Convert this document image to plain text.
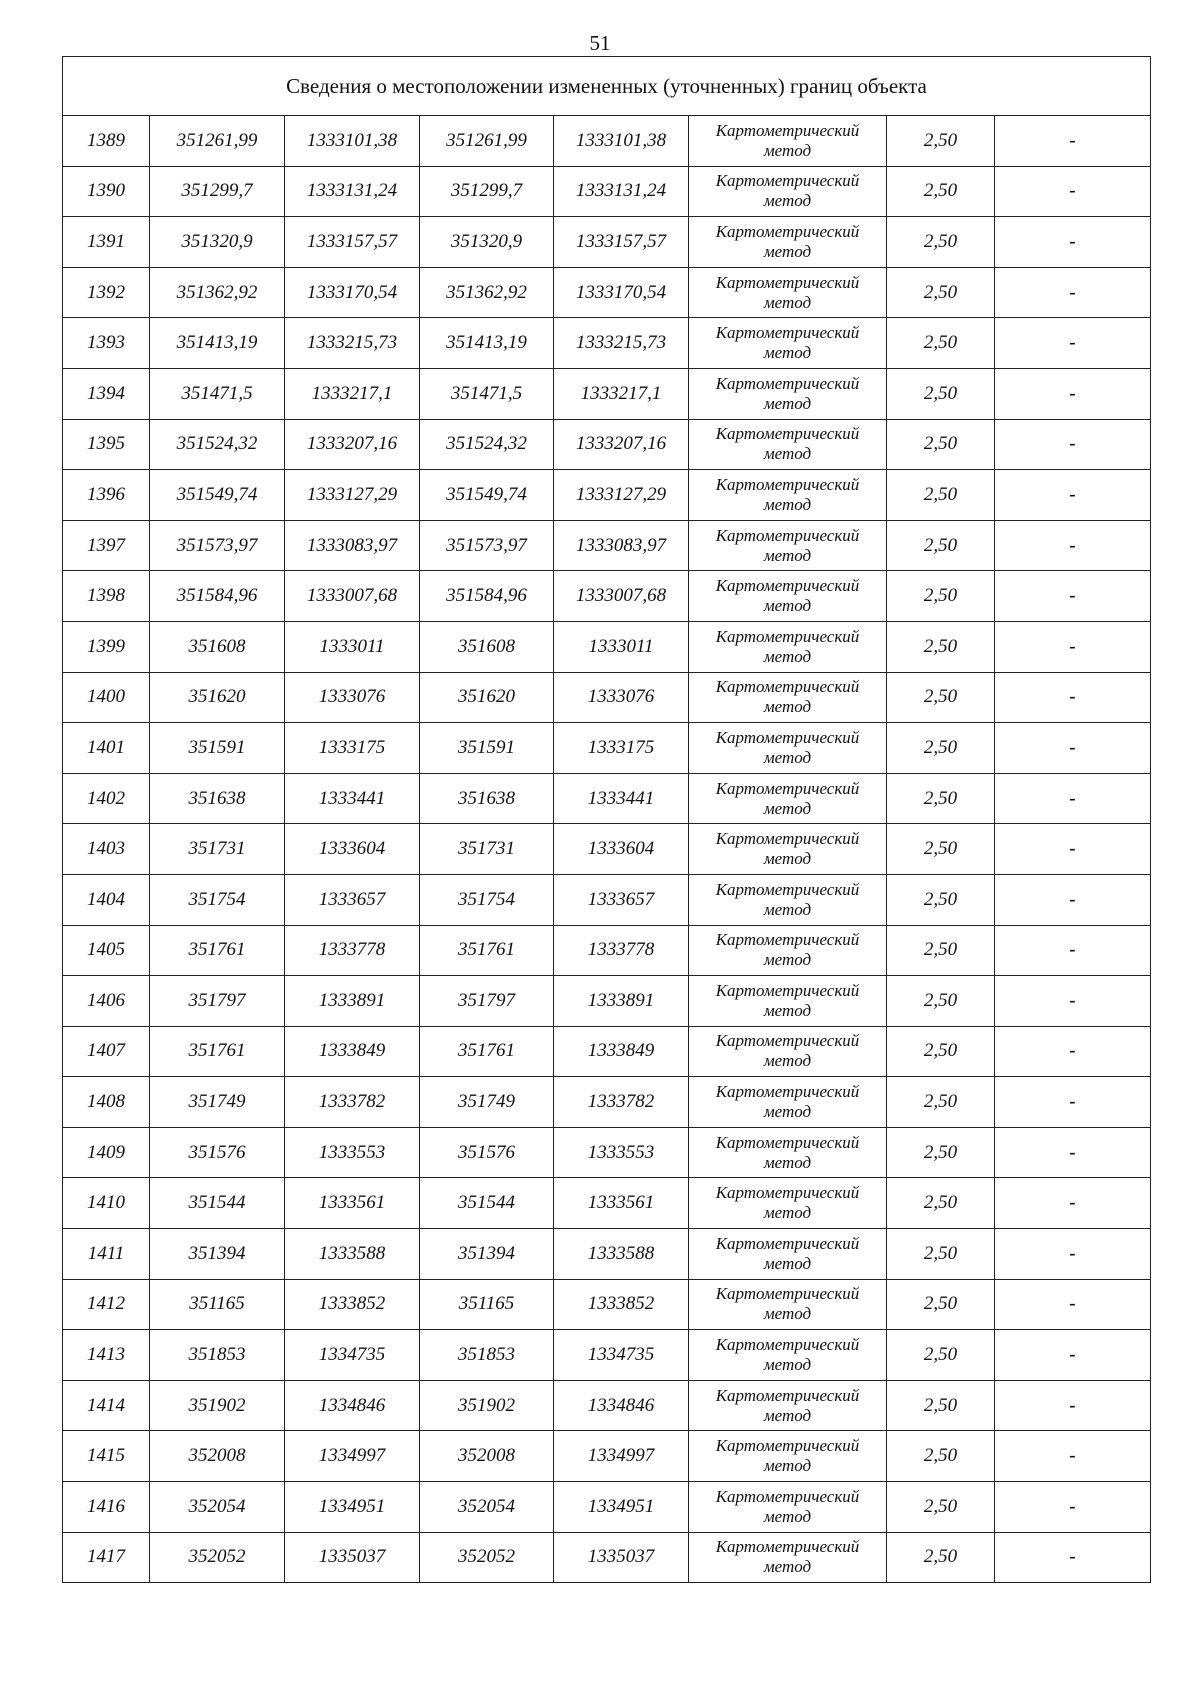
51
Сведения о местоположении измененных (уточненных) границ объекта							
1389	351261,99	1333101,38	351261,99	1333101,38	Картометрический
метод	2,50	-
1390	351299,7	1333131,24	351299,7	1333131,24	Картометрический
метод	2,50	-
1391	351320,9	1333157,57	351320,9	1333157,57	Картометрический
метод	2,50	-
1392	351362,92	1333170,54	351362,92	1333170,54	Картометрический
метод	2,50	-
1393	351413,19	1333215,73	351413,19	1333215,73	Картометрический
метод	2,50	-
1394	351471,5	1333217,1	351471,5	1333217,1	Картометрический
метод	2,50	-
1395	351524,32	1333207,16	351524,32	1333207,16	Картометрический
метод	2,50	-
1396	351549,74	1333127,29	351549,74	1333127,29	Картометрический
метод	2,50	-
1397	351573,97	1333083,97	351573,97	1333083,97	Картометрический
метод	2,50	-
1398	351584,96	1333007,68	351584,96	1333007,68	Картометрический
метод	2,50	-
1399	351608	1333011	351608	1333011	Картометрический
метод	2,50	-
1400	351620	1333076	351620	1333076	Картометрический
метод	2,50	-
1401	351591	1333175	351591	1333175	Картометрический
метод	2,50	-
1402	351638	1333441	351638	1333441	Картометрический
метод	2,50	-
1403	351731	1333604	351731	1333604	Картометрический
метод	2,50	-
1404	351754	1333657	351754	1333657	Картометрический
метод	2,50	-
1405	351761	1333778	351761	1333778	Картометрический
метод	2,50	-
1406	351797	1333891	351797	1333891	Картометрический
метод	2,50	-
1407	351761	1333849	351761	1333849	Картометрический
метод	2,50	-
1408	351749	1333782	351749	1333782	Картометрический
метод	2,50	-
1409	351576	1333553	351576	1333553	Картометрический
метод	2,50	-
1410	351544	1333561	351544	1333561	Картометрический
метод	2,50	-
1411	351394	1333588	351394	1333588	Картометрический
метод	2,50	-
1412	351165	1333852	351165	1333852	Картометрический
метод	2,50	-
1413	351853	1334735	351853	1334735	Картометрический
метод	2,50	-
1414	351902	1334846	351902	1334846	Картометрический
метод	2,50	-
1415	352008	1334997	352008	1334997	Картометрический
метод	2,50	-
1416	352054	1334951	352054	1334951	Картометрический
метод	2,50	-
1417	352052	1335037	352052	1335037	Картометрический
метод	2,50	-
